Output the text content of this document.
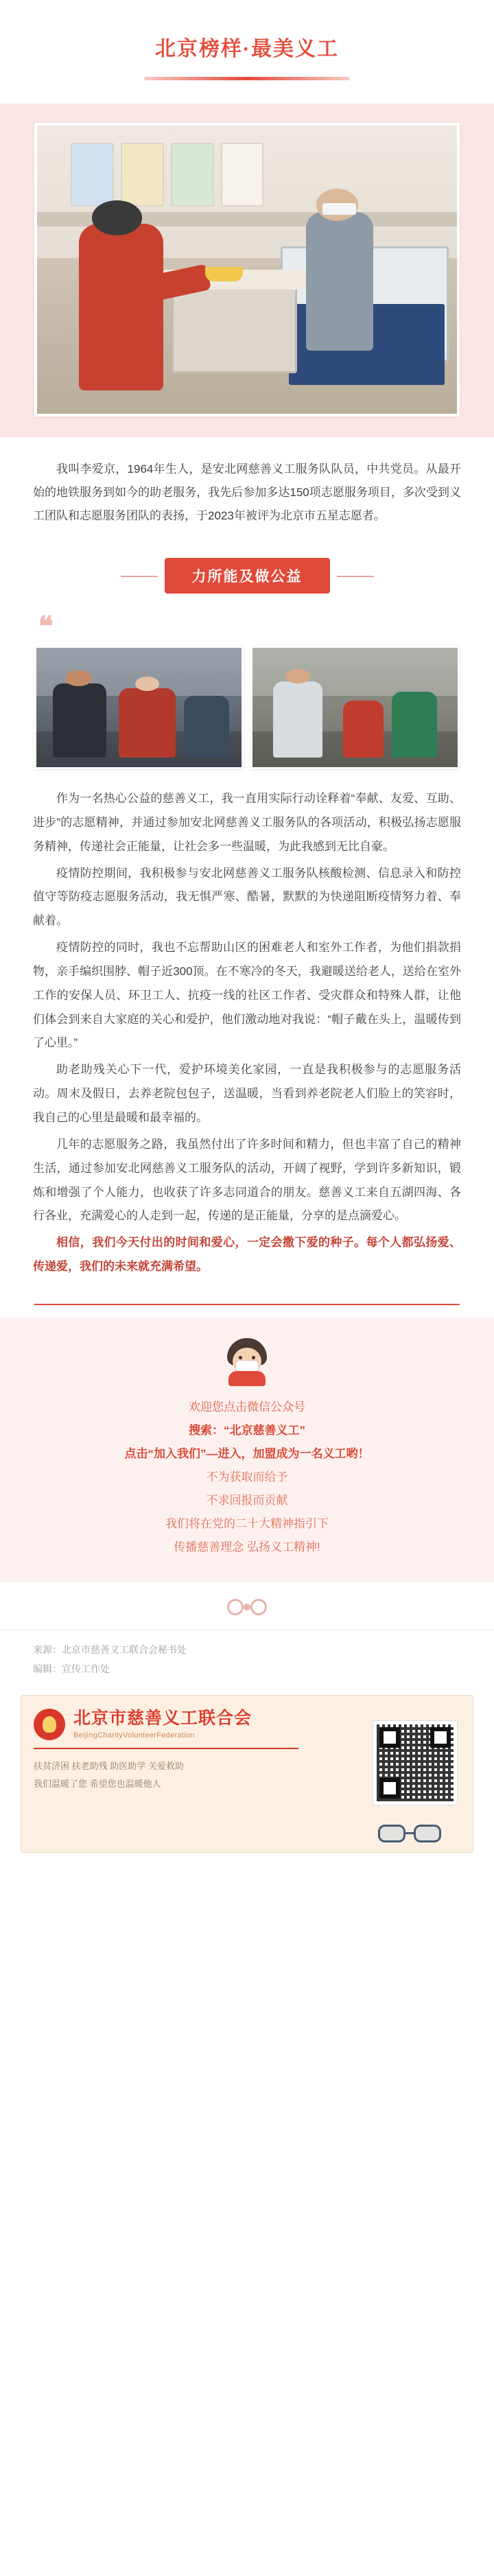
北京榜样·最美义工

我叫李爱京，1964年生人，是安北网慈善义工服务队队员，中共党员。从最开始的地铁服务到如今的助老服务，我先后参加多达150项志愿服务项目，多次受到义工团队和志愿服务团队的表扬，于2023年被评为北京市五星志愿者。

力所能及做公益
❝

作为一名热心公益的慈善义工，我一直用实际行动诠释着“奉献、友爱、互助、进步”的志愿精神，并通过参加安北网慈善义工服务队的各项活动，积极弘扬志愿服务精神，传递社会正能量，让社会多一些温暖，为此我感到无比自豪。

疫情防控期间，我积极参与安北网慈善义工服务队核酸检测、信息录入和防控值守等防疫志愿服务活动，我无惧严寒、酷暑，默默的为快递阻断疫情努力着、奉献着。

疫情防控的同时，我也不忘帮助山区的困难老人和室外工作者，为他们捐款捐物，亲手编织围脖、帽子近300顶。在不寒冷的冬天，我避暖送给老人，送给在室外工作的安保人员、环卫工人、抗疫一线的社区工作者、受灾群众和特殊人群，让他们体会到来自大家庭的关心和爱护，他们激动地对我说：“帽子戴在头上，温暖传到了心里。”

助老助残关心下一代，爱护环境美化家园，一直是我积极参与的志愿服务活动。周末及假日，去养老院包包子，送温暖，当看到养老院老人们脸上的笑容时，我自己的心里是最暖和最幸福的。

几年的志愿服务之路，我虽然付出了许多时间和精力，但也丰富了自己的精神生活，通过参加安北网慈善义工服务队的活动，开阔了视野，学到许多新知识，锻炼和增强了个人能力，也收获了许多志同道合的朋友。慈善义工来自五湖四海、各行各业，充满爱心的人走到一起，传递的是正能量，分享的是点滴爱心。

相信，我们今天付出的时间和爱心，一定会撒下爱的种子。每个人都弘扬爱、传递爱，我们的未来就充满希望。

欢迎您点击微信公众号
搜索：“北京慈善义工”
点击“加入我们”—进入，加盟成为一名义工哟！
不为获取而给予
不求回报而贡献
我们将在党的二十大精神指引下
传播慈善理念 弘扬义工精神!
来源：北京市慈善义工联合会秘书处
编辑：宣传工作处
北京市慈善义工联合会
BeijingCharityVolunteerFederation
扶贫济困 扶老助残 助医助学 关爱救助
我们温暖了您 希望您也温暖他人
